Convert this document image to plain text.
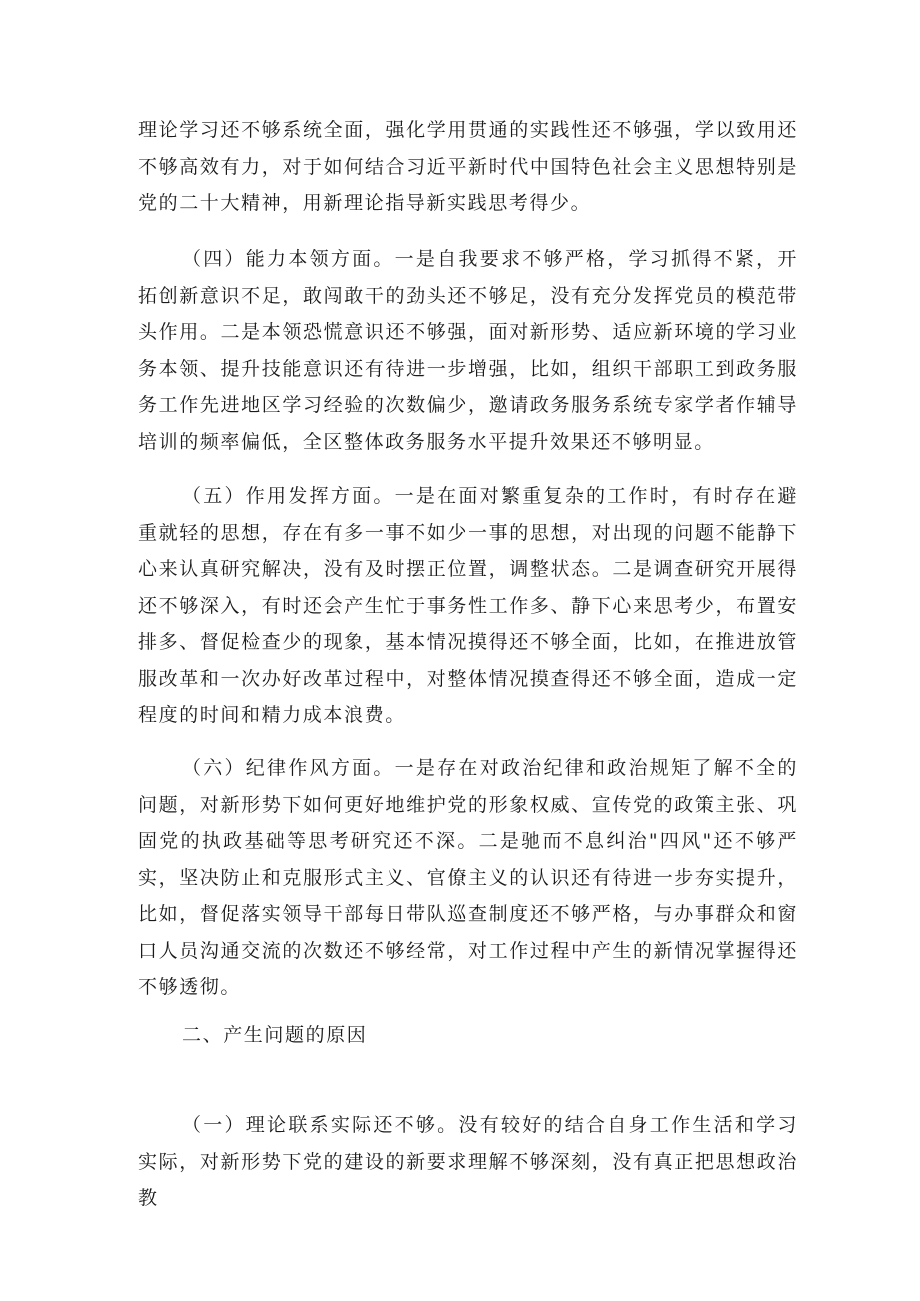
理论学习还不够系统全面，强化学用贯通的实践性还不够强，学以致用还不够高效有力，对于如何结合习近平新时代中国特色社会主义思想特别是党的二十大精神，用新理论指导新实践思考得少。

（四）能力本领方面。一是自我要求不够严格，学习抓得不紧，开拓创新意识不足，敢闯敢干的劲头还不够足，没有充分发挥党员的模范带头作用。二是本领恐慌意识还不够强，面对新形势、适应新环境的学习业务本领、提升技能意识还有待进一步增强，比如，组织干部职工到政务服务工作先进地区学习经验的次数偏少，邀请政务服务系统专家学者作辅导培训的频率偏低，全区整体政务服务水平提升效果还不够明显。

（五）作用发挥方面。一是在面对繁重复杂的工作时，有时存在避重就轻的思想，存在有多一事不如少一事的思想，对出现的问题不能静下心来认真研究解决，没有及时摆正位置，调整状态。二是调查研究开展得还不够深入，有时还会产生忙于事务性工作多、静下心来思考少，布置安排多、督促检查少的现象，基本情况摸得还不够全面，比如，在推进放管服改革和一次办好改革过程中，对整体情况摸查得还不够全面，造成一定程度的时间和精力成本浪费。

（六）纪律作风方面。一是存在对政治纪律和政治规矩了解不全的问题，对新形势下如何更好地维护党的形象权威、宣传党的政策主张、巩固党的执政基础等思考研究还不深。二是驰而不息纠治"四风"还不够严实，坚决防止和克服形式主义、官僚主义的认识还有待进一步夯实提升，比如，督促落实领导干部每日带队巡查制度还不够严格，与办事群众和窗口人员沟通交流的次数还不够经常，对工作过程中产生的新情况掌握得还不够透彻。

二、产生问题的原因

（一）理论联系实际还不够。没有较好的结合自身工作生活和学习实际，对新形势下党的建设的新要求理解不够深刻，没有真正把思想政治教
